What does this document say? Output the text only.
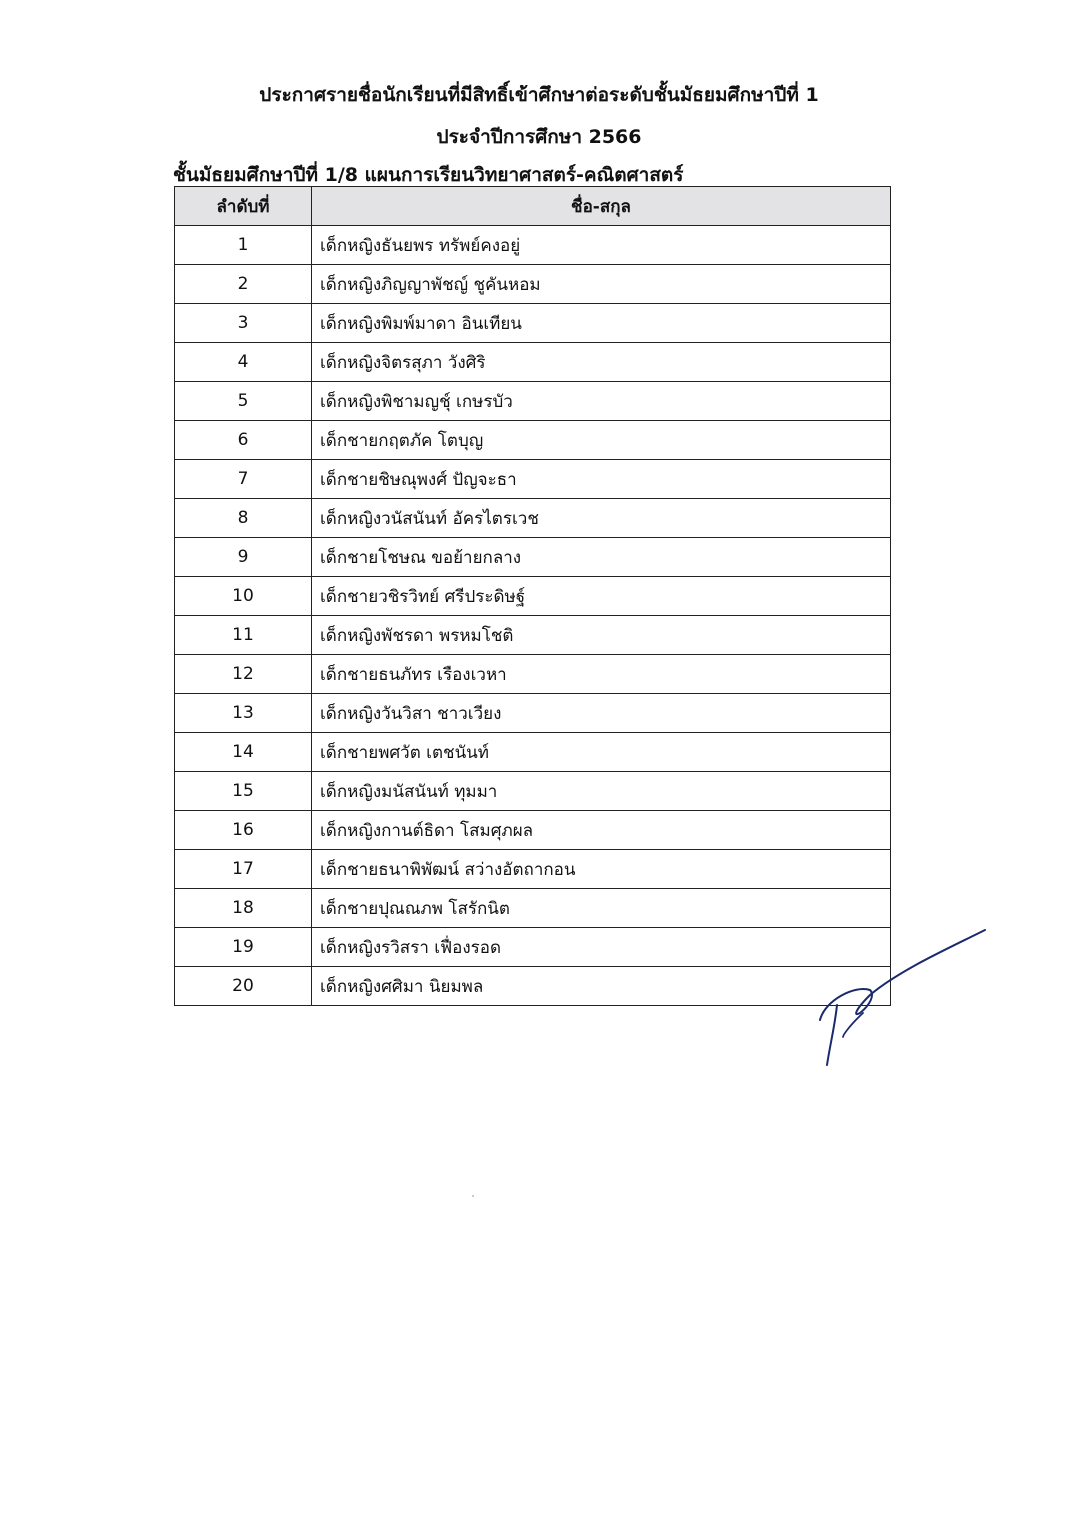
ประกาศรายชื่อนักเรียนที่มีสิทธิ์เข้าศึกษาต่อระดับชั้นมัธยมศึกษาปีที่ 1
ประจำปีการศึกษา 2566
ชั้นมัธยมศึกษาปีที่ 1/8 แผนการเรียนวิทยาศาสตร์-คณิตศาสตร์
ลำดับที่	ชื่อ-สกุล
1	เด็กหญิงธันยพร ทรัพย์คงอยู่
2	เด็กหญิงภิญญาพัชญ์ ชูคันหอม
3	เด็กหญิงพิมพ์มาดา อินเทียน
4	เด็กหญิงจิตรสุภา วังศิริ
5	เด็กหญิงพิชามญชุ์ เกษรบัว
6	เด็กชายกฤตภัค โตบุญ
7	เด็กชายชิษณุพงศ์ ปัญจะธา
8	เด็กหญิงวนัสนันท์ อัครไตรเวช
9	เด็กชายโชษณ ขอย้ายกลาง
10	เด็กชายวชิรวิทย์ ศรีประดิษฐ์
11	เด็กหญิงพัชรดา พรหมโชติ
12	เด็กชายธนภัทร เรืองเวหา
13	เด็กหญิงวันวิสา ชาวเวียง
14	เด็กชายพศวัต เตชนันท์
15	เด็กหญิงมนัสนันท์ ทุมมา
16	เด็กหญิงกานต์ธิดา โสมศุภผล
17	เด็กชายธนาพิพัฒน์ สว่างอัตถากอน
18	เด็กชายปุณณภพ โสรักนิต
19	เด็กหญิงรวิสรา เฟื่องรอด
20	เด็กหญิงศศิมา นิยมพล
